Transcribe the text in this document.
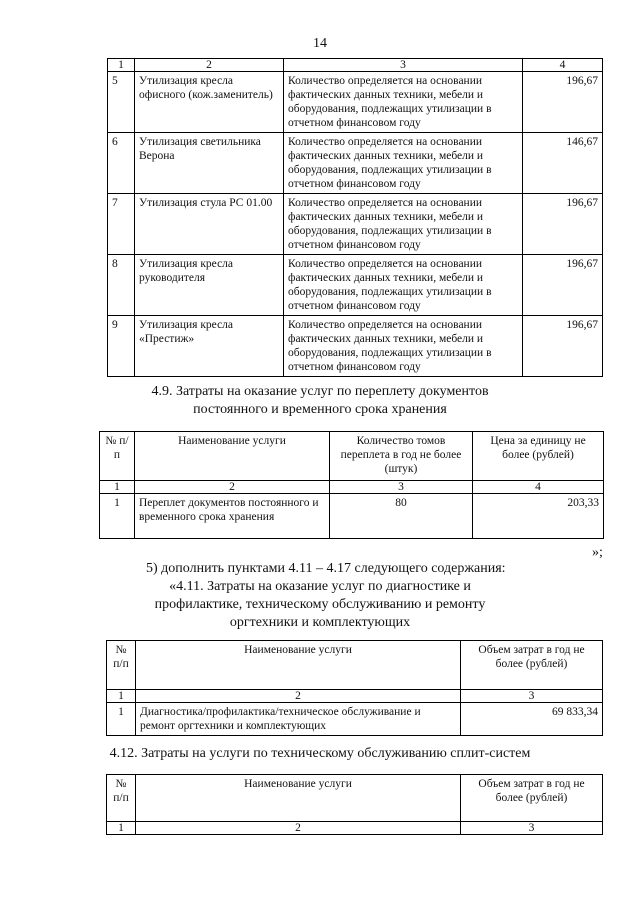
14
1	2	3	4
5	Утилизация кресла офисного (кож.заменитель)	Количество определяется на основании фактических данных техники, мебели и оборудования, подлежащих утилизации в отчетном финансовом году	196,67
6	Утилизация светильника Верона	Количество определяется на основании фактических данных техники, мебели и оборудования, подлежащих утилизации в отчетном финансовом году	146,67
7	Утилизация стула РС 01.00	Количество определяется на основании фактических данных техники, мебели и оборудования, подлежащих утилизации в отчетном финансовом году	196,67
8	Утилизация кресла руководителя	Количество определяется на основании фактических данных техники, мебели и оборудования, подлежащих утилизации в отчетном финансовом году	196,67
9	Утилизация кресла «Престиж»	Количество определяется на основании фактических данных техники, мебели и оборудования, подлежащих утилизации в отчетном финансовом году	196,67
4.9. Затраты на оказание услуг по переплету документов
постоянного и временного срока хранения
№ п/п	Наименование услуги	Количество томов переплета в год не более (штук)	Цена за единицу не более (рублей)
1	2	3	4
1	Переплет документов постоянного и временного срока хранения	80	203,33
»;
5) дополнить пунктами 4.11 – 4.17 следующего содержания:
«4.11. Затраты на оказание услуг по диагностике и
профилактике, техническому обслуживанию и ремонту
оргтехники и комплектующих
№ п/п	Наименование услуги	Объем затрат в год не более (рублей)
1	2	3
1	Диагностика/профилактика/техническое обслуживание и ремонт оргтехники и комплектующих	69 833,34
4.12. Затраты на услуги по техническому обслуживанию сплит-систем
№ п/п	Наименование услуги	Объем затрат в год не более (рублей)
1	2	3
